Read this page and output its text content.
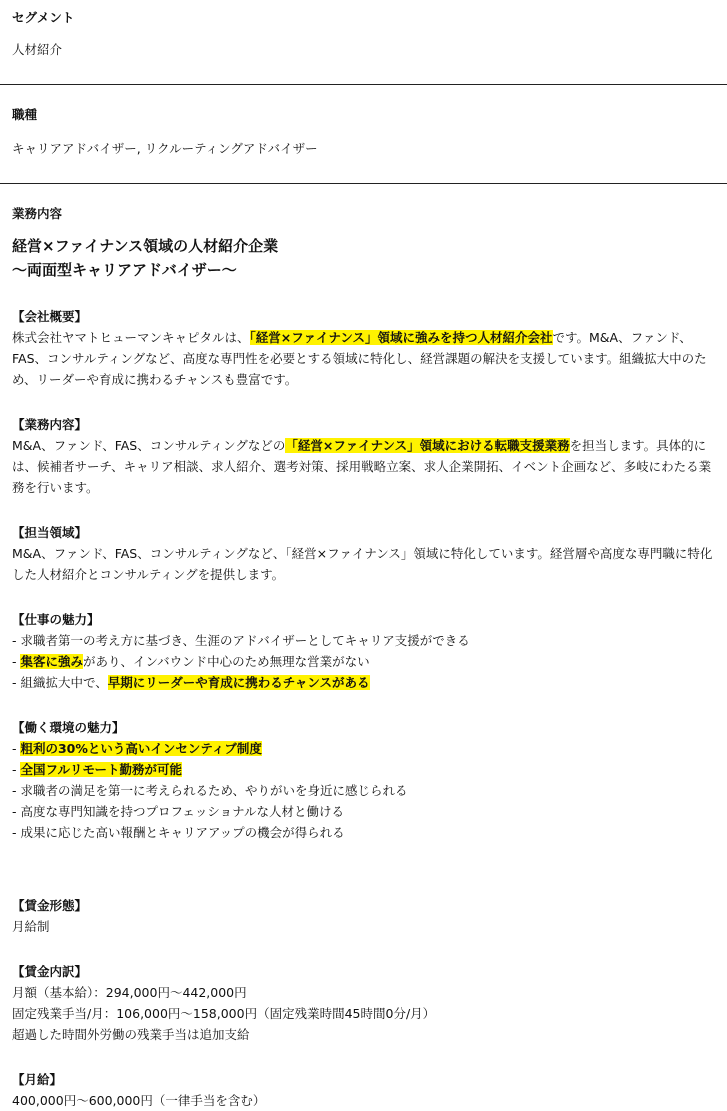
セグメント
人材紹介
職種
キャリアアドバイザー, リクルーティングアドバイザー
業務内容
経営×ファイナンス領域の人材紹介企業
～両面型キャリアアドバイザー～
【会社概要】
株式会社ヤマトヒューマンキャピタルは、「経営×ファイナンス」領域に強みを持つ人材紹介会社です。M&A、ファンド、FAS、コンサルティングなど、高度な専門性を必要とする領域に特化し、経営課題の解決を支援しています。組織拡大中のため、リーダーや育成に携わるチャンスも豊富です。
【業務内容】
M&A、ファンド、FAS、コンサルティングなどの「経営×ファイナンス」領域における転職支援業務を担当します。具体的には、候補者サーチ、キャリア相談、求人紹介、選考対策、採用戦略立案、求人企業開拓、イベント企画など、多岐にわたる業務を行います。
【担当領域】
M&A、ファンド、FAS、コンサルティングなど、「経営×ファイナンス」領域に特化しています。経営層や高度な専門職に特化した人材紹介とコンサルティングを提供します。
【仕事の魅力】
- 求職者第一の考え方に基づき、生涯のアドバイザーとしてキャリア支援ができる
- 集客に強みがあり、インバウンド中心のため無理な営業がない
- 組織拡大中で、早期にリーダーや育成に携わるチャンスがある
【働く環境の魅力】
- 粗利の30%という高いインセンティブ制度
- 全国フルリモート勤務が可能
- 求職者の満足を第一に考えられるため、やりがいを身近に感じられる
- 高度な専門知識を持つプロフェッショナルな人材と働ける
- 成果に応じた高い報酬とキャリアアップの機会が得られる
【賃金形態】
月給制
【賃金内訳】
月額（基本給）：294,000円～442,000円
固定残業手当/月：106,000円～158,000円（固定残業時間45時間0分/月）
超過した時間外労働の残業手当は追加支給
【月給】
400,000円～600,000円（一律手当を含む）
